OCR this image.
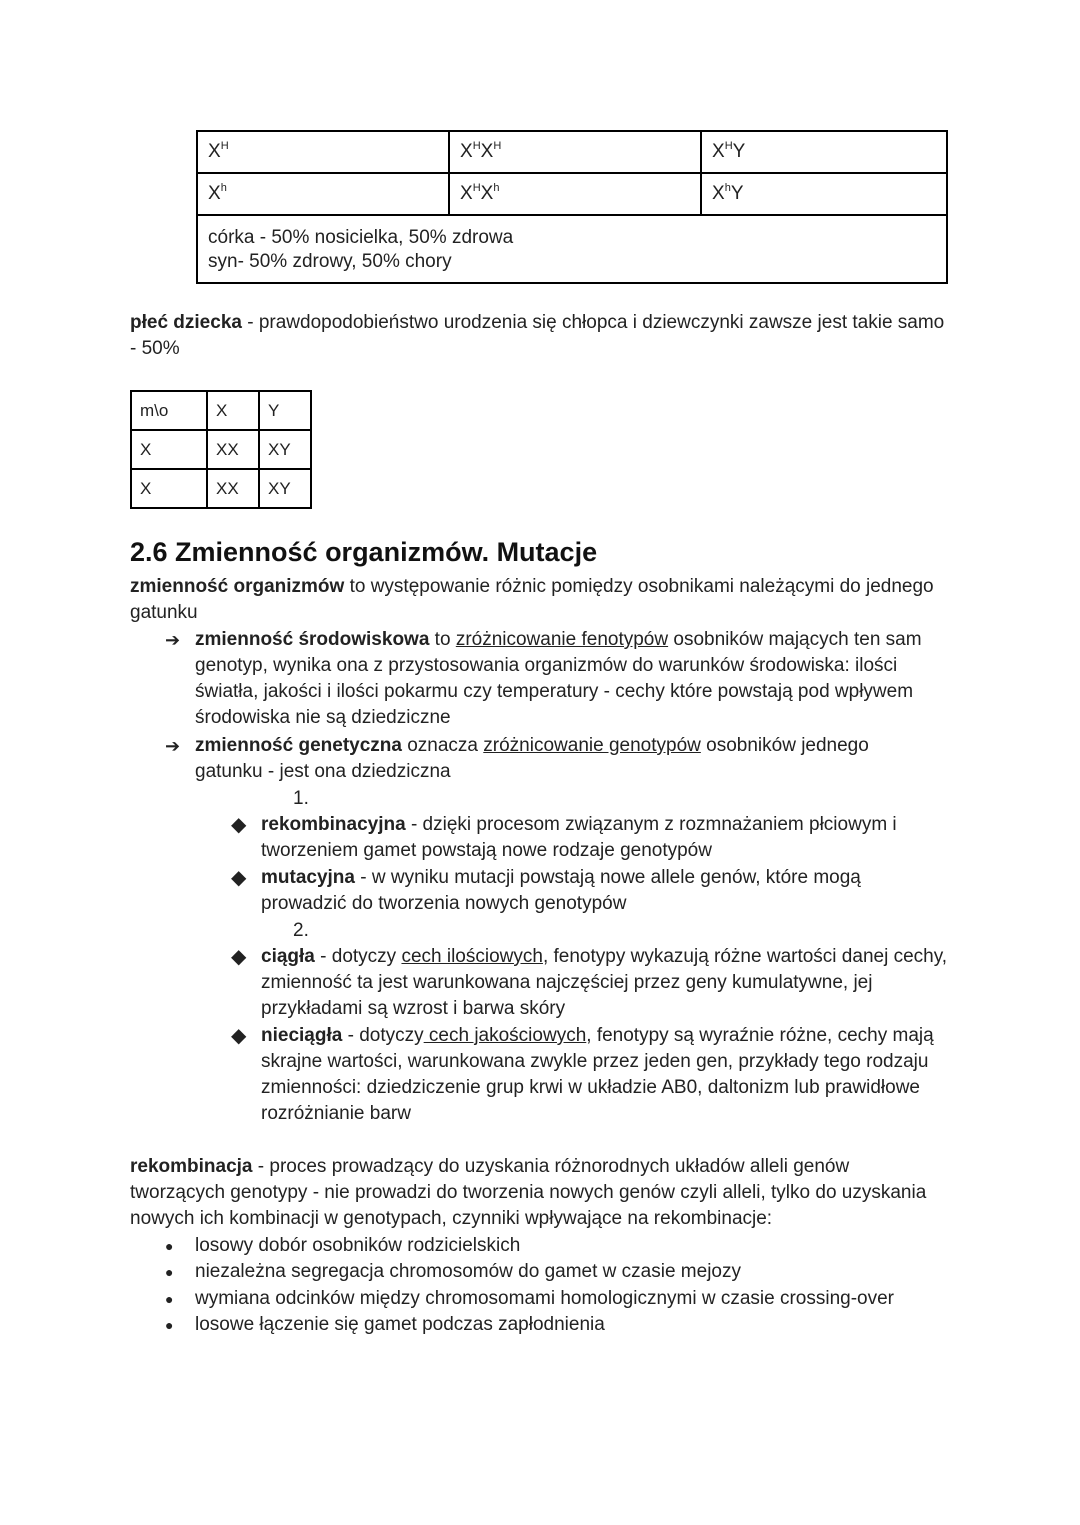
$X^H$	$X^HX^H$	$X^HY$
$X^h$	$X^HX^h$	$X^hY$

córka - 50% nosicielka, 50% zdrowa
syn- 50% zdrowy, 50% chory		
płeć dziecka - prawdopodobieństwo urodzenia się chłopca i dziewczynki zawsze jest takie samo - 50%
m\o	X	Y
X	XX	XY
X	XX	XY
2.6 Zmienność organizmów. Mutacje
zmienność organizmów to występowanie różnic pomiędzy osobnikami należącymi do jednego gatunku
➔ zmienność środowiskowa to zróżnicowanie fenotypów osobników mających ten sam genotyp, wynika ona z przystosowania organizmów do warunków środowiska: ilości światła, jakości i ilości pokarmu czy temperatury - cechy które powstają pod wpływem środowiska nie są dziedziczne
➔ zmienność genetyczna oznacza zróżnicowanie genotypów osobników jednego gatunku - jest ona dziedziczna
1.
◆ rekombinacyjna - dzięki procesom związanym z rozmnażaniem płciowym i tworzeniem gamet powstają nowe rodzaje genotypów
◆ mutacyjna - w wyniku mutacji powstają nowe allele genów, które mogą prowadzić do tworzenia nowych genotypów
2.
◆ ciągła - dotyczy cech ilościowych, fenotypy wykazują różne wartości danej cechy, zmienność ta jest warunkowana najczęściej przez geny kumulatywne, jej przykładami są wzrost i barwa skóry
◆ nieciągła - dotyczy cech jakościowych, fenotypy są wyraźnie różne, cechy mają skrajne wartości, warunkowana zwykle przez jeden gen, przykłady tego rodzaju zmienności: dziedziczenie grup krwi w układzie AB0, daltonizm lub prawidłowe rozróżnianie barw
rekombinacja - proces prowadzący do uzyskania różnorodnych układów alleli genów tworzących genotypy - nie prowadzi do tworzenia nowych genów czyli alleli, tylko do uzyskania nowych ich kombinacji w genotypach, czynniki wpływające na rekombinacje:
● losowy dobór osobników rodzicielskich
● niezależna segregacja chromosomów do gamet w czasie mejozy
● wymiana odcinków między chromosomami homologicznymi w czasie crossing-over
● losowe łączenie się gamet podczas zapłodnienia
